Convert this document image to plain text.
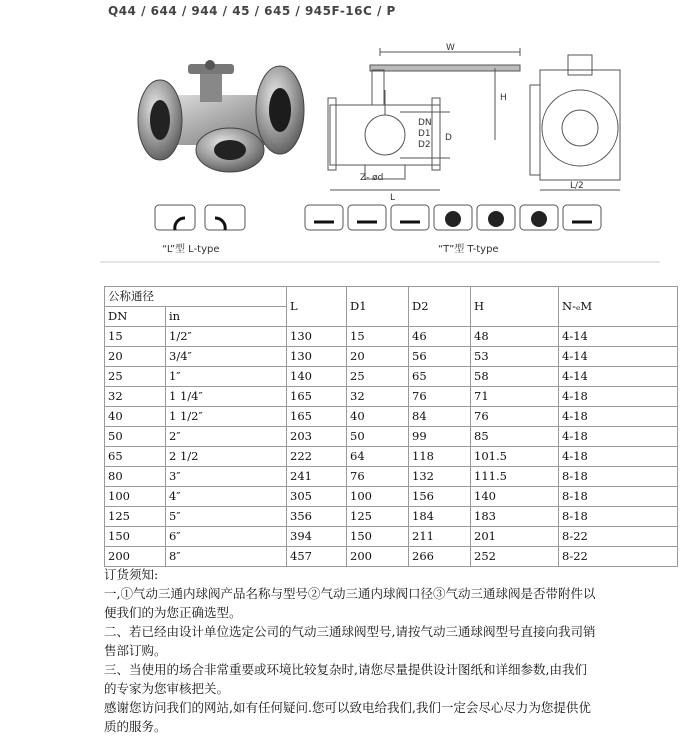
Q44 / 644 / 944 / 45 / 645 / 945F-16C / P
W
H
DN
D1
D2
D
L
Z- ød
L/2
“L”型 L-type	“T”型 T-type
公称通径		L	D1	D2	H	N-ₑM
DN	in					
15	1/2″	130	15	46	48	4-14
20	3/4″	130	20	56	53	4-14
25	1″	140	25	65	58	4-14
32	1 1/4″	165	32	76	71	4-18
40	1 1/2″	165	40	84	76	4-18
50	2″	203	50	99	85	4-18
65	2 1/2	222	64	118	101.5	4-18
80	3″	241	76	132	111.5	8-18
100	4″	305	100	156	140	8-18
125	5″	356	125	184	183	8-18
150	6″	394	150	211	201	8-22
200	8″	457	200	266	252	8-22

订货须知:

一,①气动三通内球阀产品名称与型号②气动三通内球阀口径③气动三通球阀是否带附件以

便我们的为您正确选型。

二、若已经由设计单位选定公司的气动三通球阀型号,请按气动三通球阀型号直接向我司销

售部订购。

三、当使用的场合非常重要或环境比较复杂时,请您尽量提供设计图纸和详细参数,由我们

的专家为您审核把关。

感谢您访问我们的网站,如有任何疑问.您可以致电给我们,我们一定会尽心尽力为您提供优

质的服务。
